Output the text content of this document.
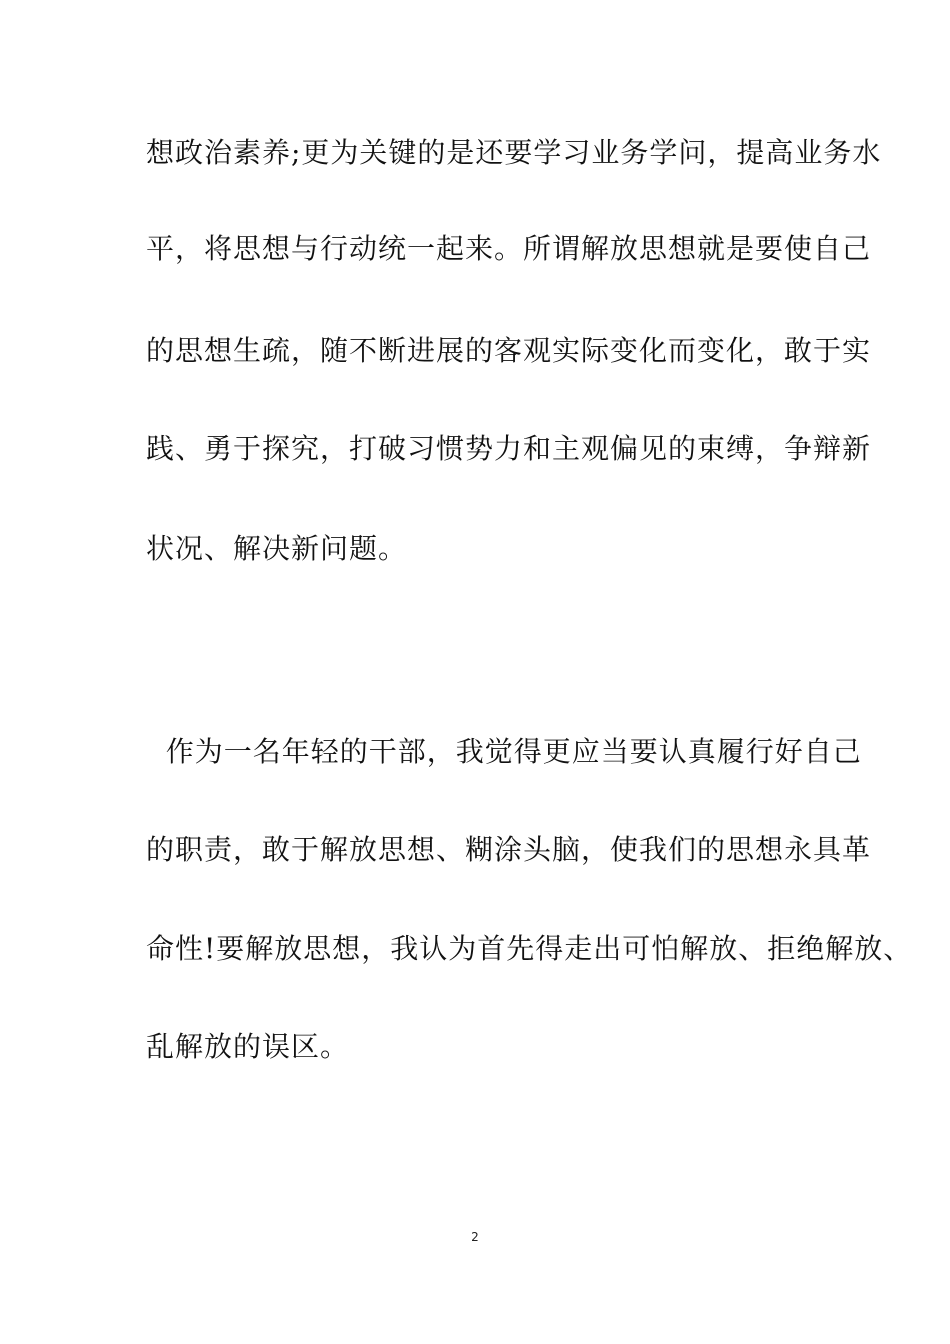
想政治素养;更为关键的是还要学习业务学问，提高业务水

平，将思想与行动统一起来。所谓解放思想就是要使自己

的思想生疏，随不断进展的客观实际变化而变化，敢于实

践、勇于探究，打破习惯势力和主观偏见的束缚，争辩新

状况、解决新问题。

作为一名年轻的干部，我觉得更应当要认真履行好自己

的职责，敢于解放思想、糊涂头脑，使我们的思想永具革

命性!要解放思想，我认为首先得走出可怕解放、拒绝解放、

乱解放的误区。

2
